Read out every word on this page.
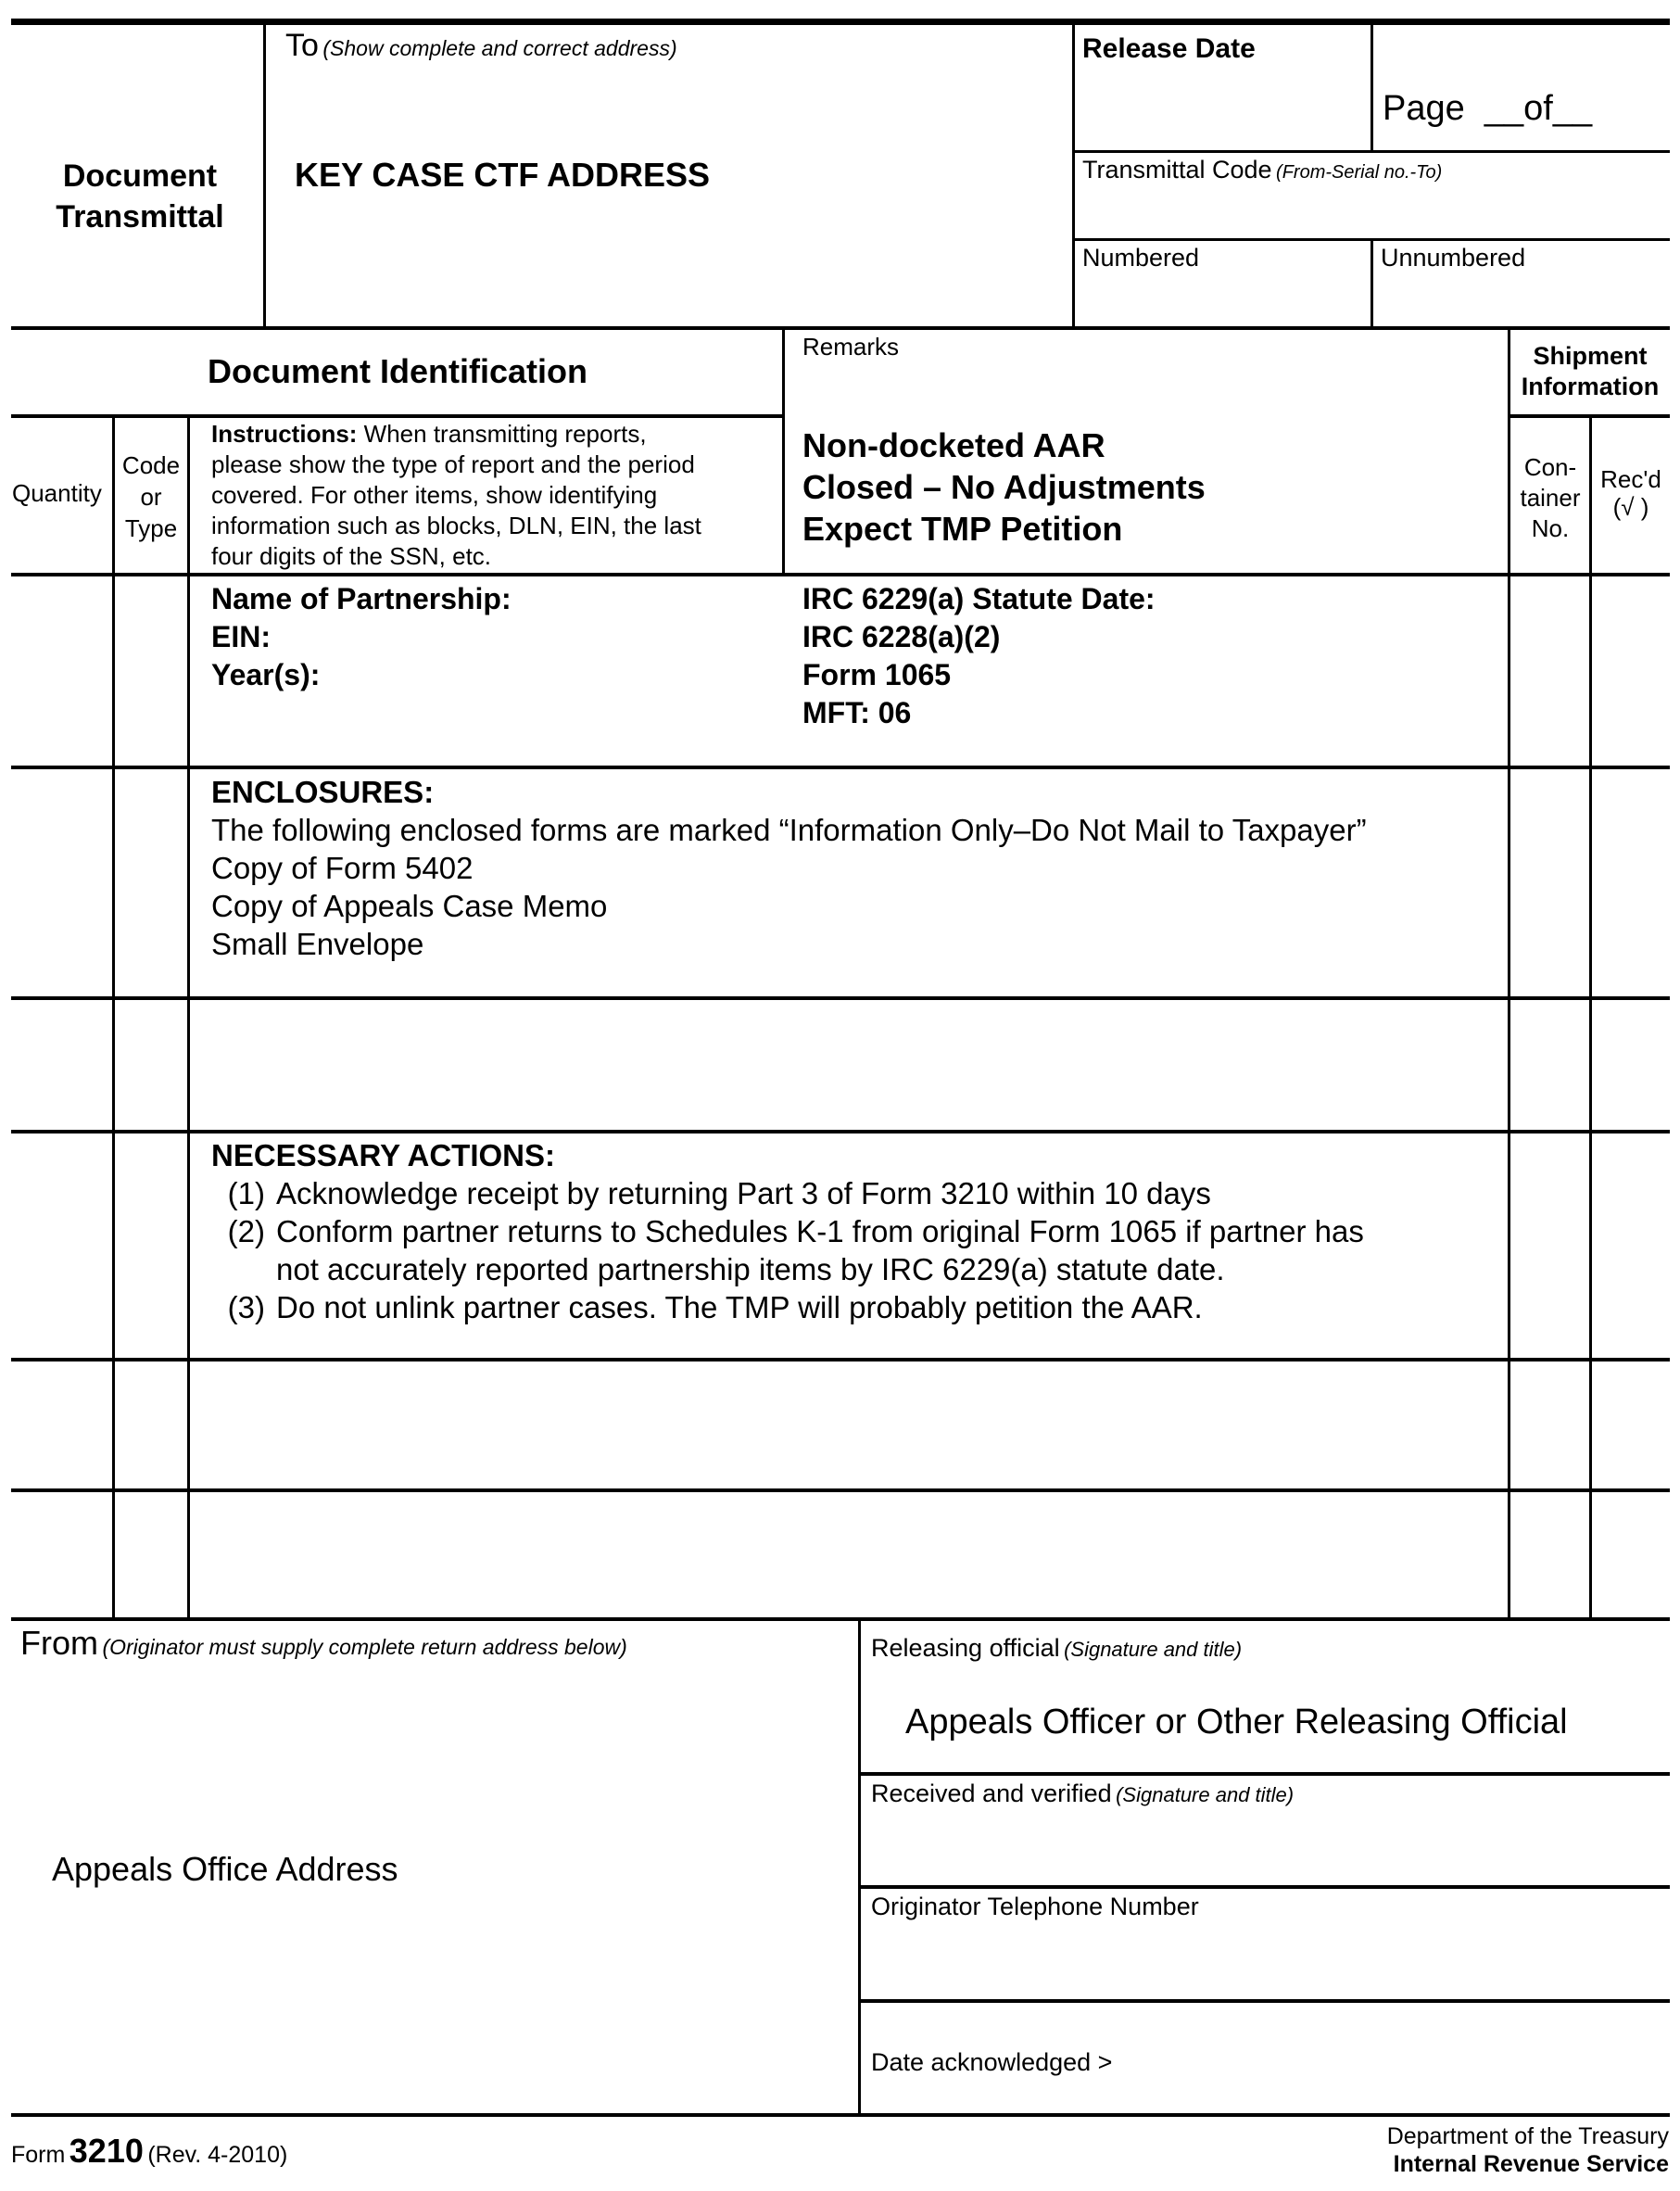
Document
Transmittal
To (Show complete and correct address)
KEY CASE CTF ADDRESS
Release Date
Page  __of__
Transmittal Code (From-Serial no.-To)
Numbered	Unnumbered
Document Identification
Quantity
Code
or
Type
Instructions: When transmitting reports,
please show the type of report and the period
covered. For other items, show identifying
information such as blocks, DLN, EIN, the last
four digits of the SSN, etc.
Remarks
Non-docketed AAR
Closed – No Adjustments
Expect TMP Petition
Shipment
Information
Con-
tainer
No.
Rec'd
(√ )
Name of Partnership:
EIN:
Year(s):
IRC 6229(a) Statute Date:
IRC 6228(a)(2)
Form 1065
MFT: 06
ENCLOSURES:
The following enclosed forms are marked “Information Only–Do Not Mail to Taxpayer”
Copy of Form 5402
Copy of Appeals Case Memo
Small Envelope
NECESSARY ACTIONS:
(1) Acknowledge receipt by returning Part 3 of Form 3210 within 10 days
(2) Conform partner returns to Schedules K-1 from original Form 1065 if partner has
not accurately reported partnership items by IRC 6229(a) statute date.
(3) Do not unlink partner cases. The TMP will probably petition the AAR.
From (Originator must supply complete return address below)
Appeals Office Address
Releasing official (Signature and title)
Appeals Officer or Other Releasing Official
Received and verified (Signature and title)
Originator Telephone Number
Date acknowledged >
Form 3210 (Rev. 4-2010)
Department of the Treasury
Internal Revenue Service
